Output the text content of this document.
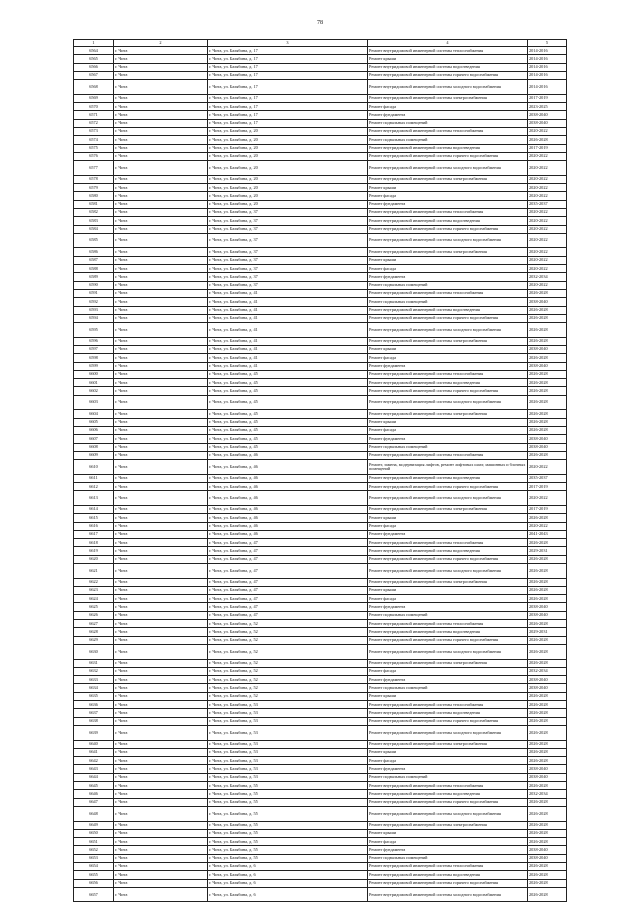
78
1	2	3	4	5
6564	г. Чита	г. Чита, ул. Балябина, д. 17	Ремонт внутридомовой инженерной системы теплоснабжения	2014-2016
6565	г. Чита	г. Чита, ул. Балябина, д. 17	Ремонт крыши	2014-2016
6566	г. Чита	г. Чита, ул. Балябина, д. 17	Ремонт внутридомовой инженерной системы водоотведения	2014-2016
6567	г. Чита	г. Чита, ул. Балябина, д. 17	Ремонт внутридомовой инженерной системы горячего водоснабжения	2014-2016
6568	г. Чита	г. Чита, ул. Балябина, д. 17	Ремонт внутридомовой инженерной системы холодного водоснабжения	2014-2016
6569	г. Чита	г. Чита, ул. Балябина, д. 17	Ремонт внутридомовой инженерной системы электроснабжения	2017-2019
6570	г. Чита	г. Чита, ул. Балябина, д. 17	Ремонт фасада	2023-2025
6571	г. Чита	г. Чита, ул. Балябина, д. 17	Ремонт фундамента	2038-2040
6572	г. Чита	г. Чита, ул. Балябина, д. 17	Ремонт подвальных помещений	2038-2040
6573	г. Чита	г. Чита, ул. Балябина, д. 20	Ремонт внутридомовой инженерной системы теплоснабжения	2020-2022
6574	г. Чита	г. Чита, ул. Балябина, д. 20	Ремонт подвальных помещений	2026-2028
6575	г. Чита	г. Чита, ул. Балябина, д. 20	Ремонт внутридомовой инженерной системы водоотведения	2017-2019
6576	г. Чита	г. Чита, ул. Балябина, д. 20	Ремонт внутридомовой инженерной системы горячего водоснабжения	2020-2022
6577	г. Чита	г. Чита, ул. Балябина, д. 20	Ремонт внутридомовой инженерной системы холодного водоснабжения	2020-2022
6578	г. Чита	г. Чита, ул. Балябина, д. 20	Ремонт внутридомовой инженерной системы электроснабжения	2020-2022
6579	г. Чита	г. Чита, ул. Балябина, д. 20	Ремонт крыши	2020-2022
6580	г. Чита	г. Чита, ул. Балябина, д. 20	Ремонт фасада	2020-2022
6581	г. Чита	г. Чита, ул. Балябина, д. 20	Ремонт фундамента	2035-2037
6582	г. Чита	г. Чита, ул. Балябина, д. 37	Ремонт внутридомовой инженерной системы теплоснабжения	2020-2022
6583	г. Чита	г. Чита, ул. Балябина, д. 37	Ремонт внутридомовой инженерной системы водоотведения	2020-2022
6584	г. Чита	г. Чита, ул. Балябина, д. 37	Ремонт внутридомовой инженерной системы горячего водоснабжения	2020-2022
6585	г. Чита	г. Чита, ул. Балябина, д. 37	Ремонт внутридомовой инженерной системы холодного водоснабжения	2020-2022
6586	г. Чита	г. Чита, ул. Балябина, д. 37	Ремонт внутридомовой инженерной системы электроснабжения	2020-2022
6587	г. Чита	г. Чита, ул. Балябина, д. 37	Ремонт крыши	2020-2022
6588	г. Чита	г. Чита, ул. Балябина, д. 37	Ремонт фасада	2020-2022
6589	г. Чита	г. Чита, ул. Балябина, д. 37	Ремонт фундамента	2032-2034
6590	г. Чита	г. Чита, ул. Балябина, д. 37	Ремонт подвальных помещений	2020-2022
6591	г. Чита	г. Чита, ул. Балябина, д. 41	Ремонт внутридомовой инженерной системы теплоснабжения	2026-2028
6592	г. Чита	г. Чита, ул. Балябина, д. 41	Ремонт подвальных помещений	2038-2040
6593	г. Чита	г. Чита, ул. Балябина, д. 41	Ремонт внутридомовой инженерной системы водоотведения	2026-2028
6594	г. Чита	г. Чита, ул. Балябина, д. 41	Ремонт внутридомовой инженерной системы горячего водоснабжения	2026-2028
6595	г. Чита	г. Чита, ул. Балябина, д. 41	Ремонт внутридомовой инженерной системы холодного водоснабжения	2026-2028
6596	г. Чита	г. Чита, ул. Балябина, д. 41	Ремонт внутридомовой инженерной системы электроснабжения	2026-2028
6597	г. Чита	г. Чита, ул. Балябина, д. 41	Ремонт крыши	2038-2040
6598	г. Чита	г. Чита, ул. Балябина, д. 41	Ремонт фасада	2026-2028
6599	г. Чита	г. Чита, ул. Балябина, д. 41	Ремонт фундамента	2038-2040
6600	г. Чита	г. Чита, ул. Балябина, д. 45	Ремонт внутридомовой инженерной системы теплоснабжения	2026-2028
6601	г. Чита	г. Чита, ул. Балябина, д. 45	Ремонт внутридомовой инженерной системы водоотведения	2026-2028
6602	г. Чита	г. Чита, ул. Балябина, д. 45	Ремонт внутридомовой инженерной системы горячего водоснабжения	2026-2028
6603	г. Чита	г. Чита, ул. Балябина, д. 45	Ремонт внутридомовой инженерной системы холодного водоснабжения	2026-2028
6604	г. Чита	г. Чита, ул. Балябина, д. 45	Ремонт внутридомовой инженерной системы электроснабжения	2026-2028
6605	г. Чита	г. Чита, ул. Балябина, д. 45	Ремонт крыши	2026-2028
6606	г. Чита	г. Чита, ул. Балябина, д. 45	Ремонт фасада	2026-2028
6607	г. Чита	г. Чита, ул. Балябина, д. 45	Ремонт фундамента	2038-2040
6608	г. Чита	г. Чита, ул. Балябина, д. 45	Ремонт подвальных помещений	2038-2040
6609	г. Чита	г. Чита, ул. Балябина, д. 46	Ремонт внутридомовой инженерной системы теплоснабжения	2026-2028
6610	г. Чита	г. Чита, ул. Балябина, д. 46	Ремонт, замена, модернизация лифтов, ремонт лифтовых шахт, машинных и блочных помещений	2020-2022
6611	г. Чита	г. Чита, ул. Балябина, д. 46	Ремонт внутридомовой инженерной системы водоотведения	2035-2037
6612	г. Чита	г. Чита, ул. Балябина, д. 46	Ремонт внутридомовой инженерной системы горячего водоснабжения	2017-2019
6613	г. Чита	г. Чита, ул. Балябина, д. 46	Ремонт внутридомовой инженерной системы холодного водоснабжения	2020-2022
6614	г. Чита	г. Чита, ул. Балябина, д. 46	Ремонт внутридомовой инженерной системы электроснабжения	2017-2019
6615	г. Чита	г. Чита, ул. Балябина, д. 46	Ремонт крыши	2026-2028
6616	г. Чита	г. Чита, ул. Балябина, д. 46	Ремонт фасада	2020-2022
6617	г. Чита	г. Чита, ул. Балябина, д. 46	Ремонт фундамента	2041-2043
6618	г. Чита	г. Чита, ул. Балябина, д. 47	Ремонт внутридомовой инженерной системы теплоснабжения	2026-2028
6619	г. Чита	г. Чита, ул. Балябина, д. 47	Ремонт внутридомовой инженерной системы водоотведения	2029-2031
6620	г. Чита	г. Чита, ул. Балябина, д. 47	Ремонт внутридомовой инженерной системы горячего водоснабжения	2026-2028
6621	г. Чита	г. Чита, ул. Балябина, д. 47	Ремонт внутридомовой инженерной системы холодного водоснабжения	2026-2028
6622	г. Чита	г. Чита, ул. Балябина, д. 47	Ремонт внутридомовой инженерной системы электроснабжения	2026-2028
6623	г. Чита	г. Чита, ул. Балябина, д. 47	Ремонт крыши	2026-2028
6624	г. Чита	г. Чита, ул. Балябина, д. 47	Ремонт фасада	2026-2028
6625	г. Чита	г. Чита, ул. Балябина, д. 47	Ремонт фундамента	2038-2040
6626	г. Чита	г. Чита, ул. Балябина, д. 47	Ремонт подвальных помещений	2038-2040
6627	г. Чита	г. Чита, ул. Балябина, д. 52	Ремонт внутридомовой инженерной системы теплоснабжения	2026-2028
6628	г. Чита	г. Чита, ул. Балябина, д. 52	Ремонт внутридомовой инженерной системы водоотведения	2029-2031
6629	г. Чита	г. Чита, ул. Балябина, д. 52	Ремонт внутридомовой инженерной системы горячего водоснабжения	2026-2028
6630	г. Чита	г. Чита, ул. Балябина, д. 52	Ремонт внутридомовой инженерной системы холодного водоснабжения	2026-2028
6631	г. Чита	г. Чита, ул. Балябина, д. 52	Ремонт внутридомовой инженерной системы электроснабжения	2026-2028
6632	г. Чита	г. Чита, ул. Балябина, д. 52	Ремонт фасада	2032-2034
6633	г. Чита	г. Чита, ул. Балябина, д. 52	Ремонт фундамента	2038-2040
6634	г. Чита	г. Чита, ул. Балябина, д. 52	Ремонт подвальных помещений	2038-2040
6635	г. Чита	г. Чита, ул. Балябина, д. 52	Ремонт крыши	2026-2028
6636	г. Чита	г. Чита, ул. Балябина, д. 53	Ремонт внутридомовой инженерной системы теплоснабжения	2026-2028
6637	г. Чита	г. Чита, ул. Балябина, д. 53	Ремонт внутридомовой инженерной системы водоотведения	2026-2028
6638	г. Чита	г. Чита, ул. Балябина, д. 53	Ремонт внутридомовой инженерной системы горячего водоснабжения	2026-2028
6639	г. Чита	г. Чита, ул. Балябина, д. 53	Ремонт внутридомовой инженерной системы холодного водоснабжения	2026-2028
6640	г. Чита	г. Чита, ул. Балябина, д. 53	Ремонт внутридомовой инженерной системы электроснабжения	2026-2028
6641	г. Чита	г. Чита, ул. Балябина, д. 53	Ремонт крыши	2026-2028
6642	г. Чита	г. Чита, ул. Балябина, д. 53	Ремонт фасада	2026-2028
6643	г. Чита	г. Чита, ул. Балябина, д. 53	Ремонт фундамента	2038-2040
6644	г. Чита	г. Чита, ул. Балябина, д. 53	Ремонт подвальных помещений	2038-2040
6645	г. Чита	г. Чита, ул. Балябина, д. 55	Ремонт внутридомовой инженерной системы теплоснабжения	2026-2028
6646	г. Чита	г. Чита, ул. Балябина, д. 55	Ремонт внутридомовой инженерной системы водоотведения	2032-2034
6647	г. Чита	г. Чита, ул. Балябина, д. 55	Ремонт внутридомовой инженерной системы горячего водоснабжения	2026-2028
6648	г. Чита	г. Чита, ул. Балябина, д. 55	Ремонт внутридомовой инженерной системы холодного водоснабжения	2026-2028
6649	г. Чита	г. Чита, ул. Балябина, д. 55	Ремонт внутридомовой инженерной системы электроснабжения	2026-2028
6650	г. Чита	г. Чита, ул. Балябина, д. 55	Ремонт крыши	2026-2028
6651	г. Чита	г. Чита, ул. Балябина, д. 55	Ремонт фасада	2026-2028
6652	г. Чита	г. Чита, ул. Балябина, д. 55	Ремонт фундамента	2038-2040
6653	г. Чита	г. Чита, ул. Балябина, д. 55	Ремонт подвальных помещений	2038-2040
6654	г. Чита	г. Чита, ул. Балябина, д. 6	Ремонт внутридомовой инженерной системы теплоснабжения	2026-2028
6655	г. Чита	г. Чита, ул. Балябина, д. 6	Ремонт внутридомовой инженерной системы водоотведения	2026-2028
6656	г. Чита	г. Чита, ул. Балябина, д. 6	Ремонт внутридомовой инженерной системы горячего водоснабжения	2026-2028
6657	г. Чита	г. Чита, ул. Балябина, д. 6	Ремонт внутридомовой инженерной системы холодного водоснабжения	2026-2028
